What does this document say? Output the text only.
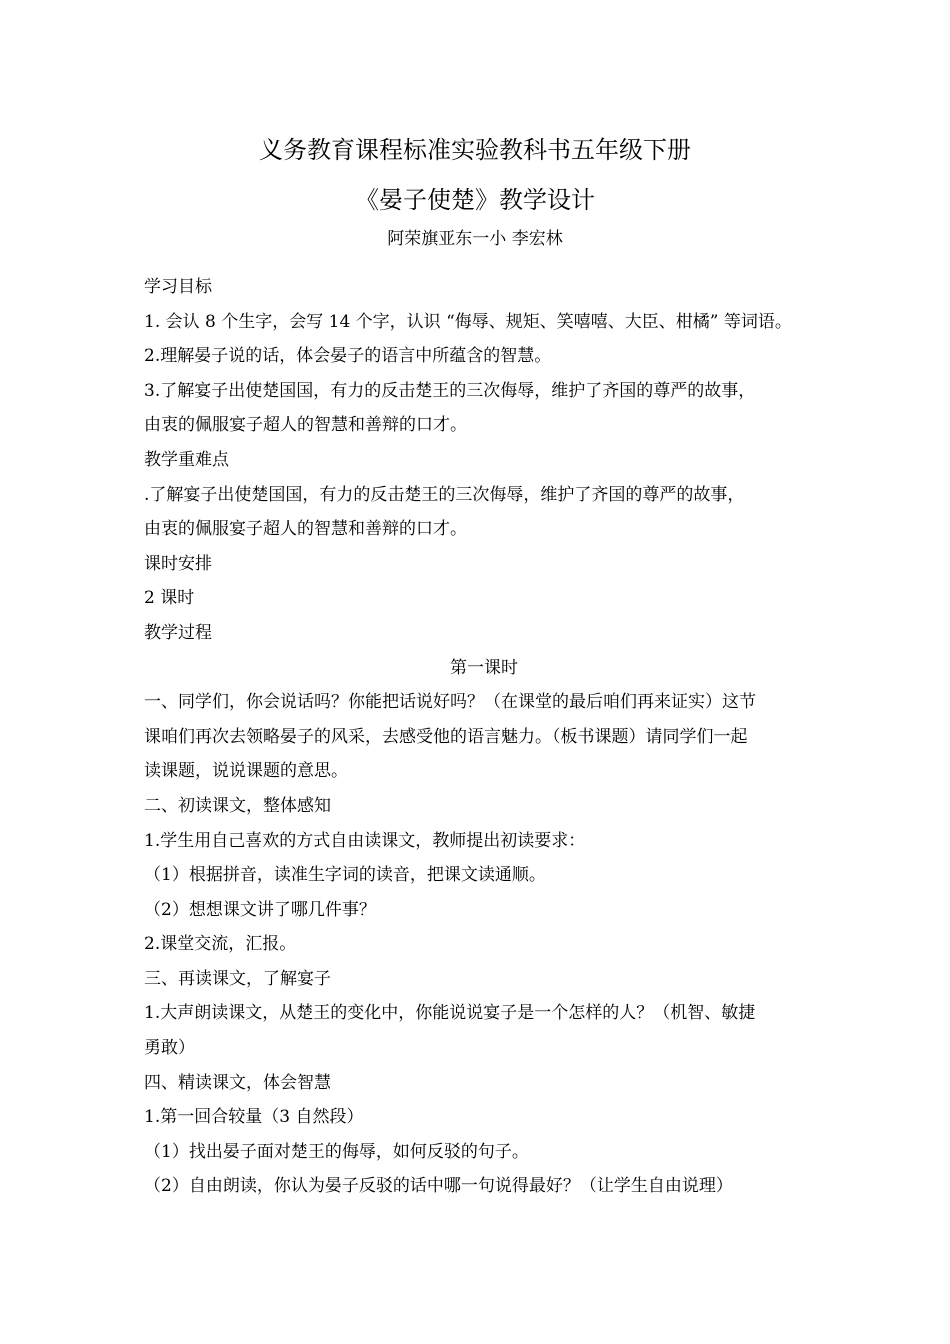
义务教育课程标准实验教科书五年级下册
《晏子使楚》教学设计
阿荣旗亚东一小 李宏林
学习目标
1. 会认 8 个生字，会写 14 个字，认识 “侮辱、规矩、笑嘻嘻、大臣、柑橘” 等词语。
2.理解晏子说的话，体会晏子的语言中所蕴含的智慧。
3.了解宴子出使楚国国，有力的反击楚王的三次侮辱，维护了齐国的尊严的故事，
由衷的佩服宴子超人的智慧和善辩的口才。
教学重难点
.了解宴子出使楚国国，有力的反击楚王的三次侮辱，维护了齐国的尊严的故事，
由衷的佩服宴子超人的智慧和善辩的口才。
课时安排
2 课时
教学过程
第一课时
一、同学们，你会说话吗？你能把话说好吗？（在课堂的最后咱们再来证实）这节
课咱们再次去领略晏子的风采，去感受他的语言魅力。（板书课题）请同学们一起
读课题，说说课题的意思。
二、初读课文，整体感知
1.学生用自己喜欢的方式自由读课文，教师提出初读要求：
（1）根据拼音，读准生字词的读音，把课文读通顺。
（2）想想课文讲了哪几件事？
2.课堂交流，汇报。
三、再读课文，了解宴子
1.大声朗读课文，从楚王的变化中，你能说说宴子是一个怎样的人？（机智、敏捷
勇敢）
四、精读课文，体会智慧
1.第一回合较量（3 自然段）
（1）找出晏子面对楚王的侮辱，如何反驳的句子。
（2）自由朗读，你认为晏子反驳的话中哪一句说得最好？（让学生自由说理）
